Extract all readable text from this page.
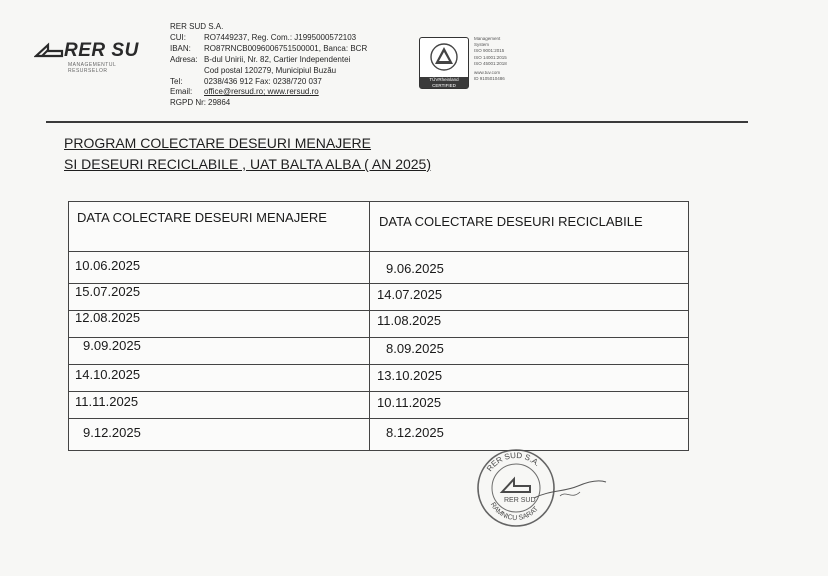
RER SU
MANAGEMENTUL RESURSELOR
RER SUD S.A.
CUI:	RO7449237, Reg. Com.: J1995000572103
IBAN:	RO87RNCB0096006751500001, Banca: BCR
Adresa: B-dul Unirii, Nr. 82, Cartier Independentei
Cod postal 120279, Municipiul Buzău
Tel:	0238/436 912 Fax: 0238/720 037
Email:	office@rersud.ro; www.rersud.ro
RGPD Nr: 29864
TÜVRheinland
CERTIFIED
Management
System
ISO 9001:2015
ISO 14001:2015
ISO 45001:2018
www.tuv.com
ID 9105010486
PROGRAM COLECTARE DESEURI MENAJERE
SI DESEURI RECICLABILE , UAT BALTA ALBA ( AN 2025)
DATA COLECTARE DESEURI MENAJERE	DATA COLECTARE DESEURI RECICLABILE
10.06.2025	9.06.2025
15.07.2025	14.07.2025
12.08.2025	11.08.2025
9.09.2025	8.09.2025
14.10.2025	13.10.2025
11.11.2025	10.11.2025
9.12.2025	8.12.2025
RER SUD S.A.
RER SUD
RAMNICU SARAT
